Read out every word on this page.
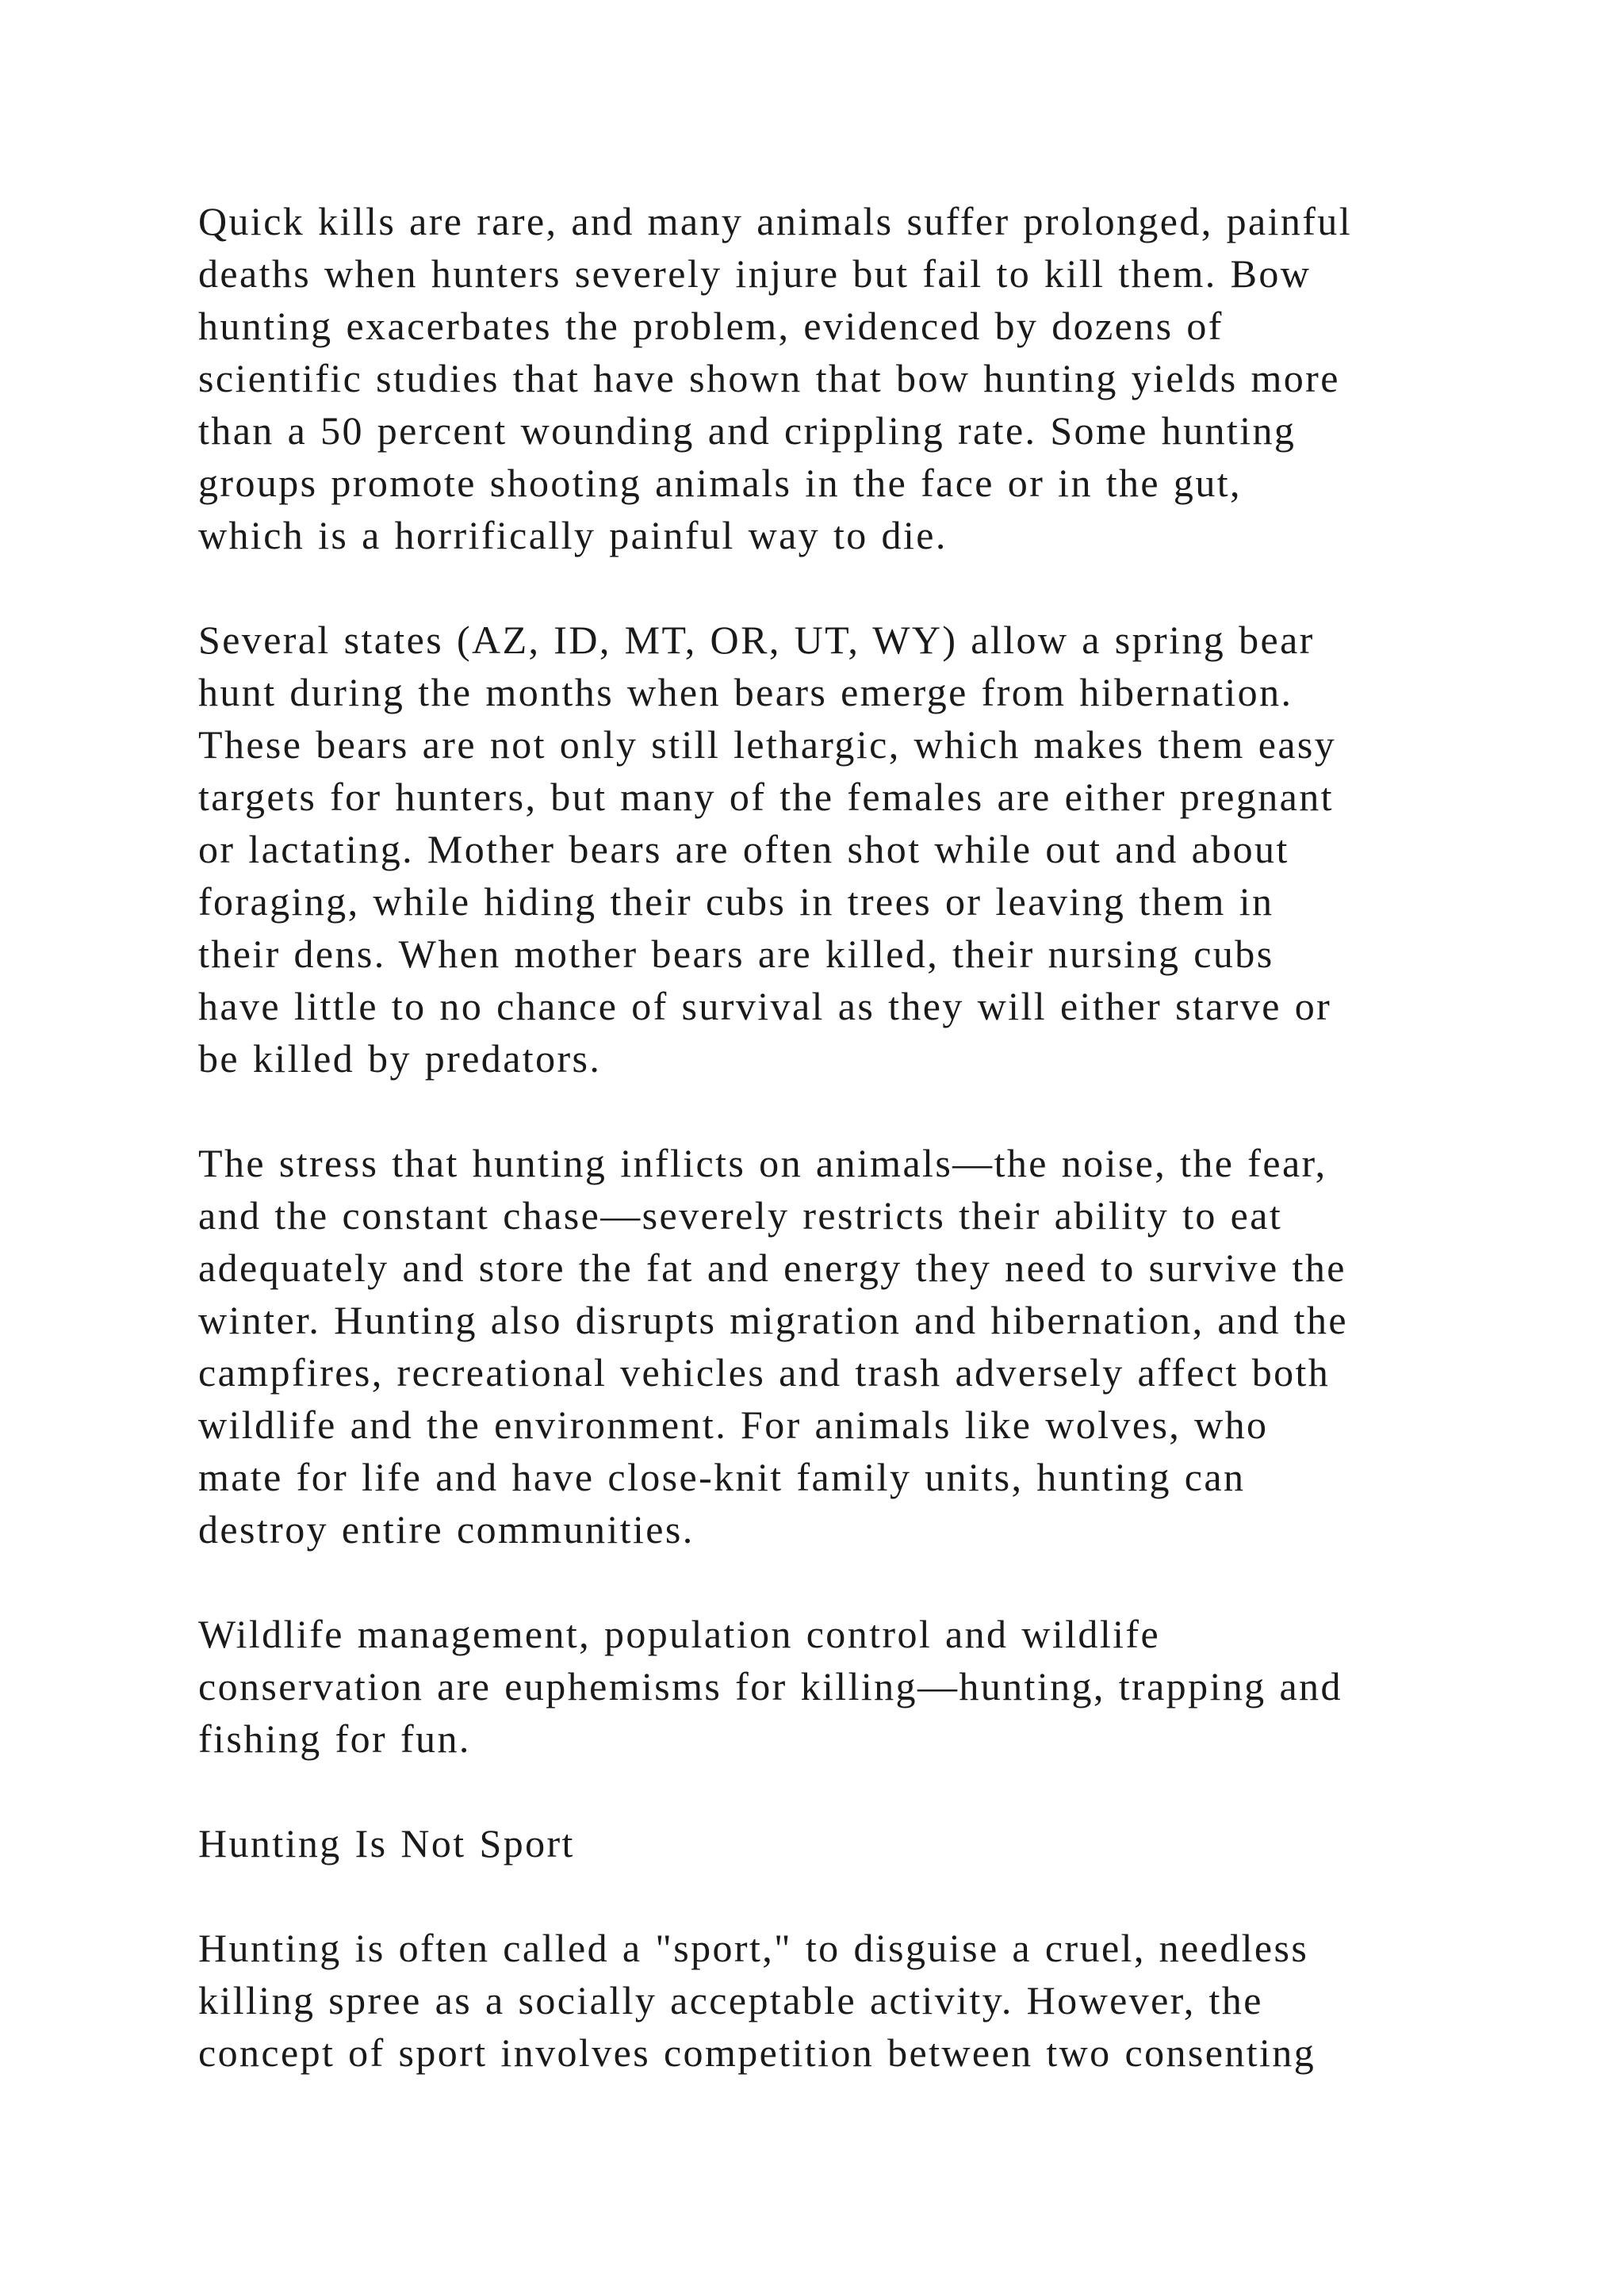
Quick kills are rare, and many animals suffer prolonged, painful
deaths when hunters severely injure but fail to kill them. Bow
hunting exacerbates the problem, evidenced by dozens of
scientific studies that have shown that bow hunting yields more
than a 50 percent wounding and crippling rate. Some hunting
groups promote shooting animals in the face or in the gut,
which is a horrifically painful way to die.

Several states (AZ, ID, MT, OR, UT, WY) allow a spring bear
hunt during the months when bears emerge from hibernation.
These bears are not only still lethargic, which makes them easy
targets for hunters, but many of the females are either pregnant
or lactating. Mother bears are often shot while out and about
foraging, while hiding their cubs in trees or leaving them in
their dens. When mother bears are killed, their nursing cubs
have little to no chance of survival as they will either starve or
be killed by predators.

The stress that hunting inflicts on animals—the noise, the fear,
and the constant chase—severely restricts their ability to eat
adequately and store the fat and energy they need to survive the
winter. Hunting also disrupts migration and hibernation, and the
campfires, recreational vehicles and trash adversely affect both
wildlife and the environment. For animals like wolves, who
mate for life and have close-knit family units, hunting can
destroy entire communities.

Wildlife management, population control and wildlife
conservation are euphemisms for killing—hunting, trapping and
fishing for fun.

Hunting Is Not Sport

Hunting is often called a "sport," to disguise a cruel, needless
killing spree as a socially acceptable activity. However, the
concept of sport involves competition between two consenting
